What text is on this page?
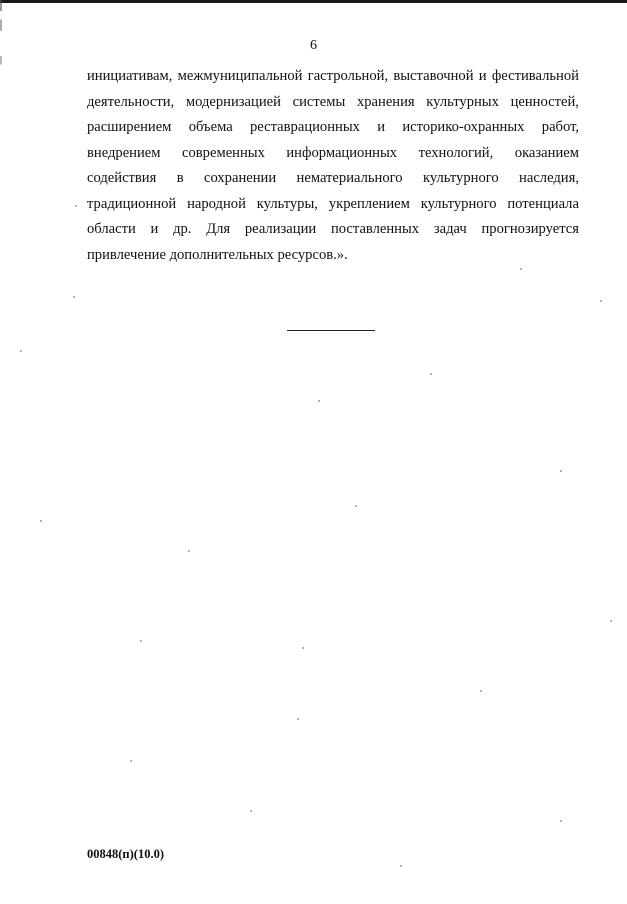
6
инициативам, межмуниципальной гастрольной, выставочной и фестивальной
деятельности, модернизацией системы хранения культурных ценностей,
расширением объема реставрационных и историко-охранных работ,
внедрением современных информационных технологий, оказанием
содействия в сохранении нематериального культурного наследия,
традиционной народной культуры, укреплением культурного потенциала
области и др. Для реализации поставленных задач прогнозируется
привлечение дополнительных ресурсов.».
00848(п)(10.0)
